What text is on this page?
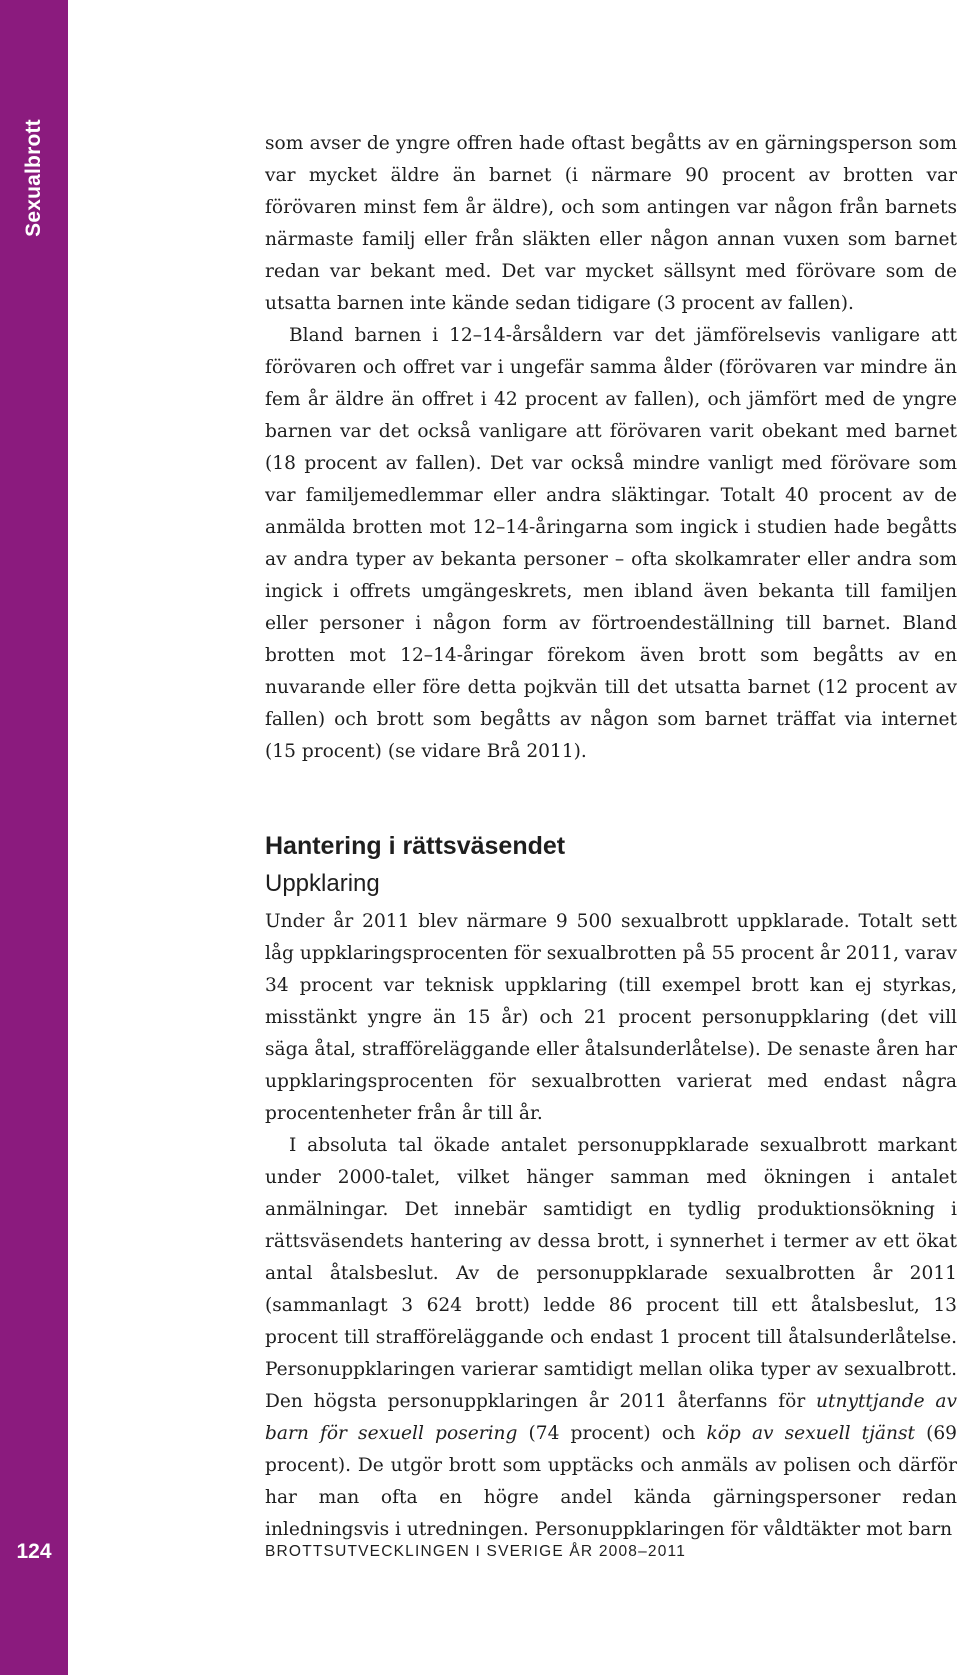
Sexualbrott
124

som avser de yngre offren hade oftast begåtts av en gärningsperson som var mycket äldre än barnet (i närmare 90 procent av brotten var förövaren minst fem år äldre), och som antingen var någon från barnets närmaste familj eller från släkten eller någon annan vuxen som barnet redan var bekant med. Det var mycket sällsynt med förövare som de utsatta barnen inte kände sedan tidigare (3 procent av fallen).

Bland barnen i 12–14-årsåldern var det jämförelsevis vanligare att förövaren och offret var i ungefär samma ålder (förövaren var mindre än fem år äldre än offret i 42 procent av fallen), och jämfört med de yngre barnen var det också vanligare att förövaren varit obekant med barnet (18 procent av fallen). Det var också mindre vanligt med förövare som var familjemedlemmar eller andra släktingar. Totalt 40 procent av de anmälda brotten mot 12–14-åringarna som ingick i studien hade begåtts av andra typer av bekanta personer – ofta skolkamrater eller andra som ingick i offrets umgängeskrets, men ibland även bekanta till familjen eller personer i någon form av förtroendeställning till barnet. Bland brotten mot 12–14-åringar förekom även brott som begåtts av en nuvarande eller före detta pojkvän till det utsatta barnet (12 procent av fallen) och brott som begåtts av någon som barnet träffat via internet (15 procent) (se vidare Brå 2011).

Hantering i rättsväsendet
Uppklaring

Under år 2011 blev närmare 9 500 sexualbrott uppklarade. Totalt sett låg uppklaringsprocenten för sexualbrotten på 55 procent år 2011, varav 34 procent var teknisk uppklaring (till exempel brott kan ej styrkas, misstänkt yngre än 15 år) och 21 procent personuppklaring (det vill säga åtal, strafföreläggande eller åtalsunderlåtelse). De senaste åren har uppklaringsprocenten för sexualbrotten varierat med endast några procentenheter från år till år.

I absoluta tal ökade antalet personuppklarade sexualbrott markant under 2000-talet, vilket hänger samman med ökningen i antalet anmälningar. Det innebär samtidigt en tydlig produktionsökning i rättsväsendets hantering av dessa brott, i synnerhet i termer av ett ökat antal åtalsbeslut. Av de personuppklarade sexualbrotten år 2011 (sammanlagt 3 624 brott) ledde 86 procent till ett åtalsbeslut, 13 procent till strafföreläggande och endast 1 procent till åtalsunderlåtelse. Personuppklaringen varierar samtidigt mellan olika typer av sexualbrott. Den högsta personuppklaringen år 2011 återfanns för utnyttjande av barn för sexuell posering (74 procent) och köp av sexuell tjänst (69 procent). De utgör brott som upptäcks och anmäls av polisen och därför har man ofta en högre andel kända gärningspersoner redan inledningsvis i utredningen. Personuppklaringen för våldtäkter mot barn

BROTTSUTVECKLINGEN I SVERIGE ÅR 2008–2011
